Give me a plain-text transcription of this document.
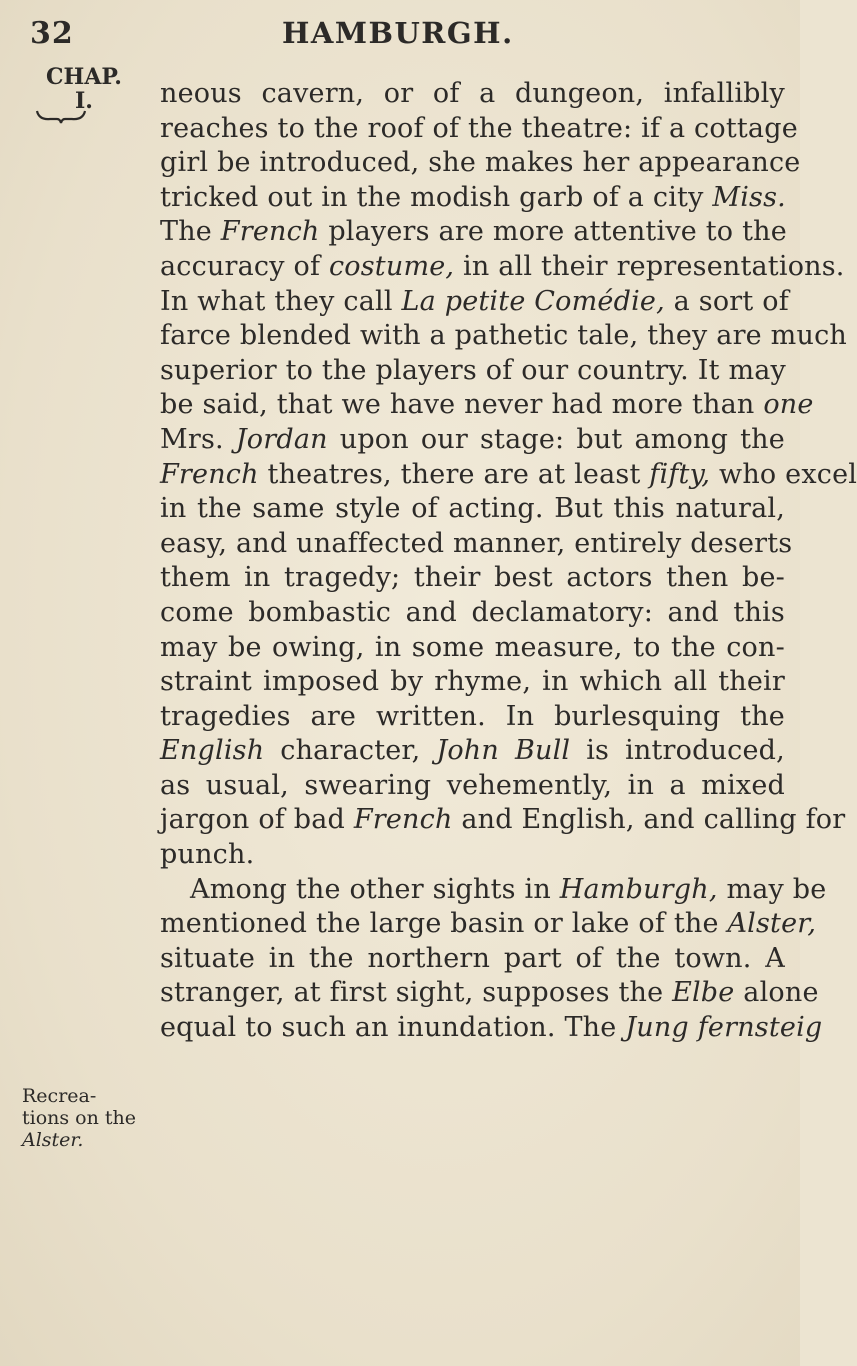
32	HAMBURGH.
CHAP.
I.	neous cavern, or of a dungeon, infallibly
reaches to the roof of the theatre: if a cottage
girl be introduced, she makes her appearance
tricked out in the modish garb of a city Miss.
The French players are more attentive to the
accuracy of costume, in all their representations.
In what they call La petite Comédie, a sort of
farce blended with a pathetic tale, they are much
superior to the players of our country. It may
be said, that we have never had more than one
Mrs. Jordan upon our stage: but among the
French theatres, there are at least fifty, who excel
in the same style of acting. But this natural,
easy, and unaffected manner, entirely deserts
them in tragedy; their best actors then be-
come bombastic and declamatory: and this
may be owing, in some measure, to the con-
straint imposed by rhyme, in which all their
tragedies are written. In burlesquing the
English character, John Bull is introduced,
as usual, swearing vehemently, in a mixed
jargon of bad French and English, and calling for
punch.
Among the other sights in Hamburgh, may be
mentioned the large basin or lake of the Alster,
situate in the northern part of the town. A
stranger, at first sight, supposes the Elbe alone
equal to such an inundation. The Jung fernsteig
Recrea-
tions on the
Alster.
